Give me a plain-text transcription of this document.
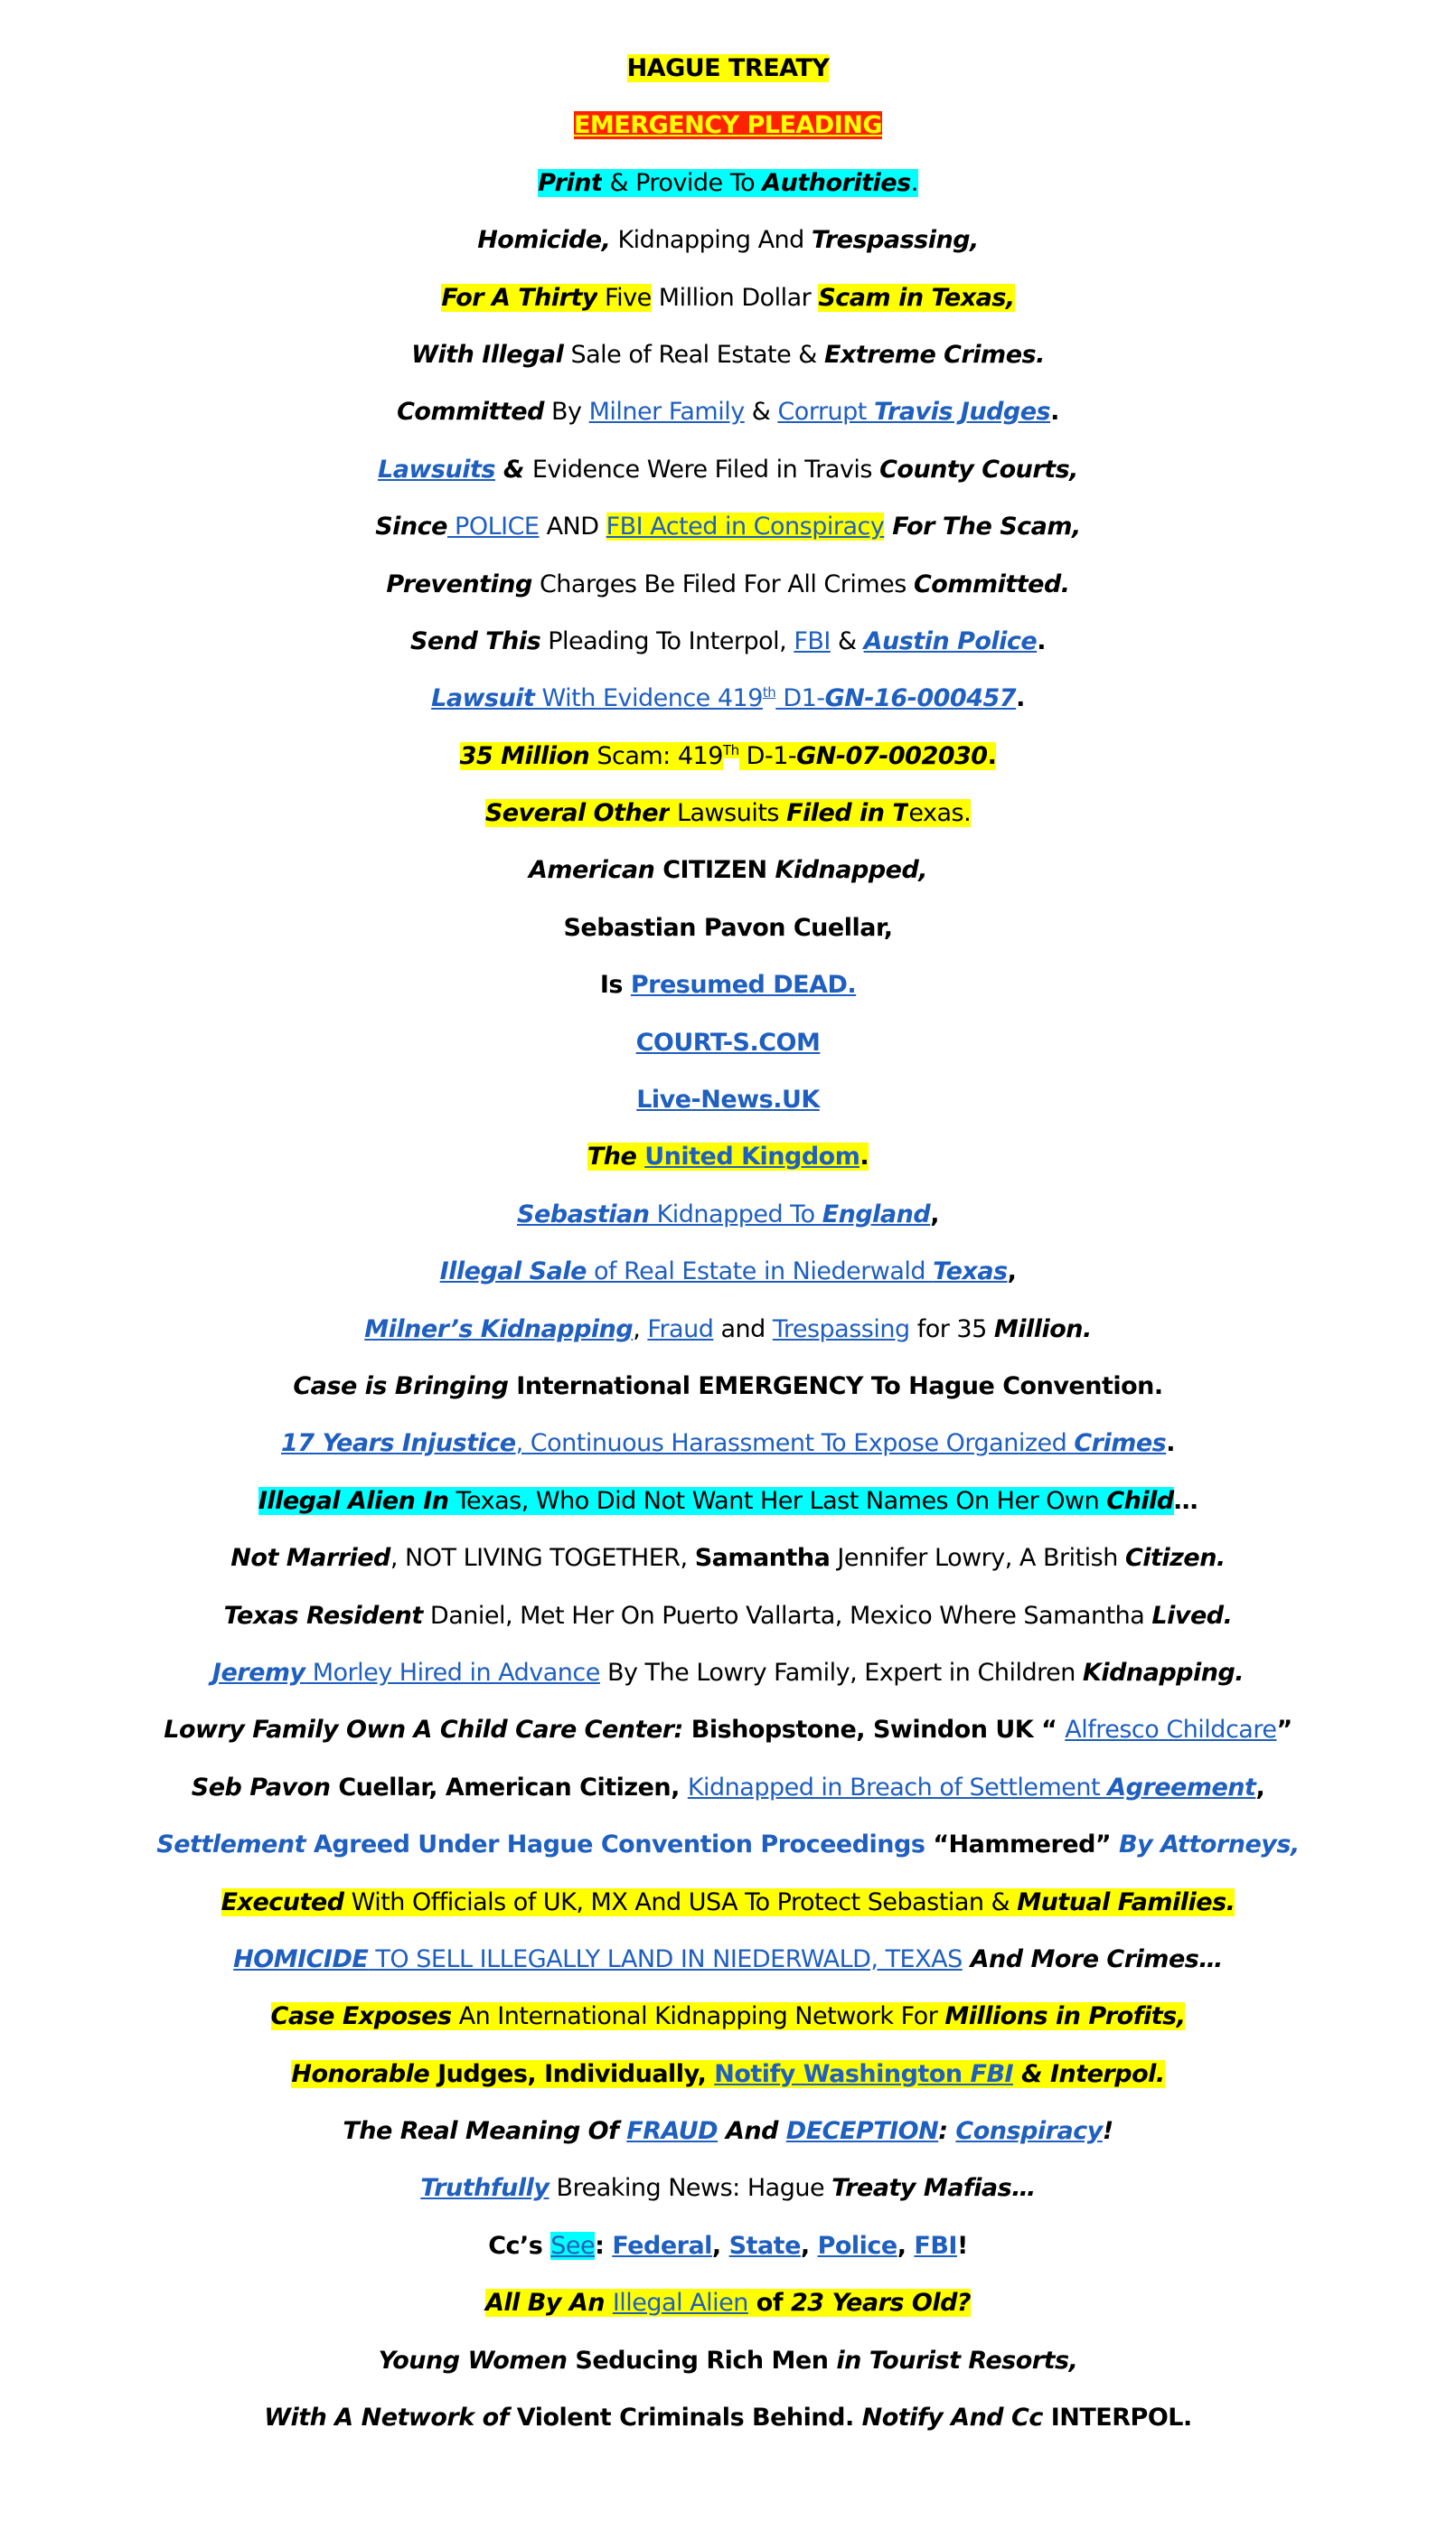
HAGUE TREATY
EMERGENCY PLEADING
Print & Provide To Authorities.
Homicide, Kidnapping And Trespassing,
For A Thirty Five Million Dollar Scam in Texas,
With Illegal Sale of Real Estate & Extreme Crimes.
Committed By Milner Family & Corrupt Travis Judges.
Lawsuits & Evidence Were Filed in Travis County Courts,
Since POLICE AND FBI Acted in Conspiracy For The Scam,
Preventing Charges Be Filed For All Crimes Committed.
Send This Pleading To Interpol, FBI & Austin Police.
Lawsuit With Evidence 419th D1-GN-16-000457.
35 Million Scam: 419Th D-1-GN-07-002030.
Several Other Lawsuits Filed in Texas.
American CITIZEN Kidnapped,
Sebastian Pavon Cuellar,
Is Presumed DEAD.
COURT-S.COM
Live-News.UK
The United Kingdom.
Sebastian Kidnapped To England,
Illegal Sale of Real Estate in Niederwald Texas,
Milner’s Kidnapping, Fraud and Trespassing for 35 Million.
Case is Bringing International EMERGENCY To Hague Convention.
17 Years Injustice, Continuous Harassment To Expose Organized Crimes.
Illegal Alien In Texas, Who Did Not Want Her Last Names On Her Own Child…
Not Married, NOT LIVING TOGETHER, Samantha Jennifer Lowry, A British Citizen.
Texas Resident Daniel, Met Her On Puerto Vallarta, Mexico Where Samantha Lived.
Jeremy Morley Hired in Advance By The Lowry Family, Expert in Children Kidnapping.
Lowry Family Own A Child Care Center: Bishopstone, Swindon UK “ Alfresco Childcare”
Seb Pavon Cuellar, American Citizen, Kidnapped in Breach of Settlement Agreement,
Settlement Agreed Under Hague Convention Proceedings “Hammered” By Attorneys,
Executed With Officials of UK, MX And USA To Protect Sebastian & Mutual Families.
HOMICIDE TO SELL ILLEGALLY LAND IN NIEDERWALD, TEXAS And More Crimes…
Case Exposes An International Kidnapping Network For Millions in Profits,
Honorable Judges, Individually, Notify Washington FBI & Interpol.
The Real Meaning Of FRAUD And DECEPTION: Conspiracy!
Truthfully Breaking News: Hague Treaty Mafias…
Cc’s See: Federal, State, Police, FBI!
All By An Illegal Alien of 23 Years Old?
Young Women Seducing Rich Men in Tourist Resorts,
With A Network of Violent Criminals Behind. Notify And Cc INTERPOL.
